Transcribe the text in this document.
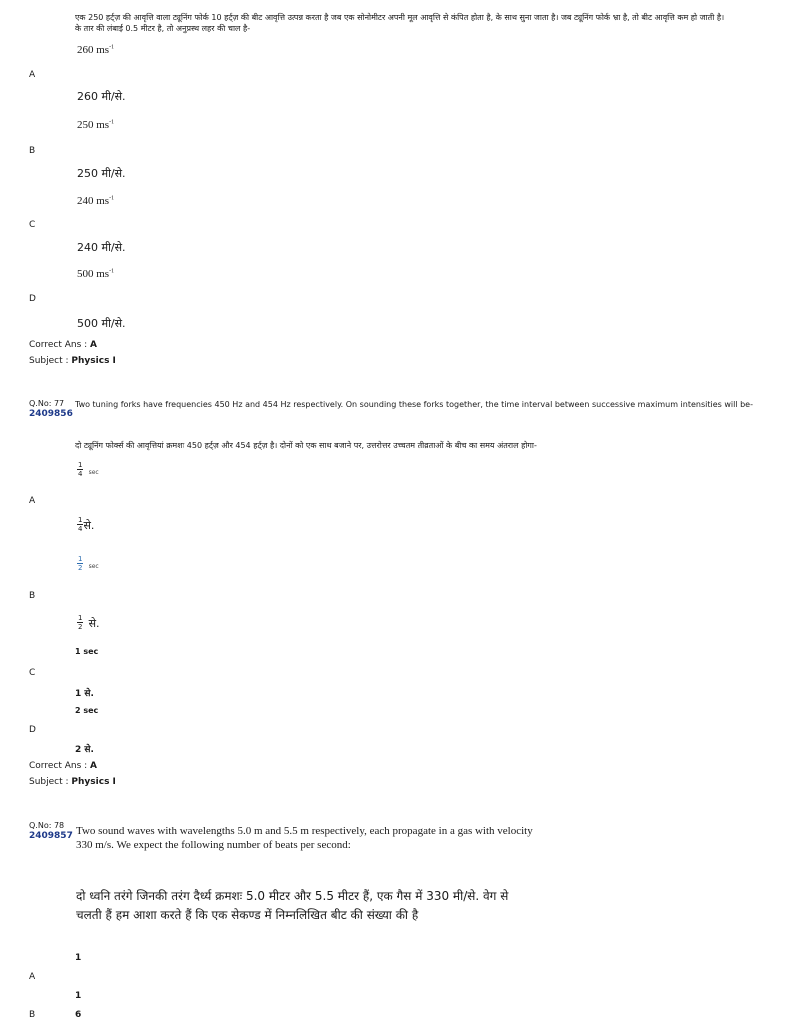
एक 250 हर्ट्ज़ की आवृत्ति वाला ट्यूनिंग फोर्क 10 हर्ट्ज़ की बीट आवृत्ति उत्पन्न करता है जब एक सोनोमीटर अपनी मूल आवृत्ति से कंपित होता है, के साथ सुना जाता है। जब ट्यूनिंग फोर्क भ्रा है, तो बीट आवृत्ति कम हो जाती है।
के तार की लंबाई 0.5 मीटर है, तो अनुप्रस्थ लहर की चाल है-
260 $ms^{-1}$
A
260 मी/से.
250 $ms^{-1}$
B
250 मी/से.
240 $ms^{-1}$
C
240 मी/से.
500 $ms^{-1}$
D
500 मी/से.
Correct Ans : A
Subject : Physics I
Q.No: 77
2409856
Two tuning forks have frequencies 450 Hz and 454 Hz respectively. On sounding these forks together, the time interval between successive maximum intensities will be-
दो ट्यूनिंग फोर्क्स की आवृत्तियां क्रमशः 450 हर्ट्ज़ और 454 हर्ट्ज़ है। दोनों को एक साथ बजाने पर, उत्तरोत्तर उच्चतम तीव्रताओं के बीच का समय अंतराल होगा-
$\frac{1}{4}$ sec
A
$\frac{1}{4}$ से.
$\frac{1}{2}$ sec
B
$\frac{1}{2}$ से.
1 sec
C
1 से.
2 sec
D
2 से.
Correct Ans : A
Subject : Physics I
Q.No: 78
2409857 Two sound waves with wavelengths 5.0 m and 5.5 m respectively, each propagate in a gas with velocity 330 m/s. We expect the following number of beats per second:
दो ध्वनि तरंगे जिनकी तरंग दैर्ध्य क्रमशः 5.0 मीटर और 5.5 मीटर हैं, एक गैस में 330 मी/से. वेग से चलती हैं हम आशा करते हैं कि एक सेकण्ड में निम्नलिखित बीट की संख्या की है
1
A
1
B	6
